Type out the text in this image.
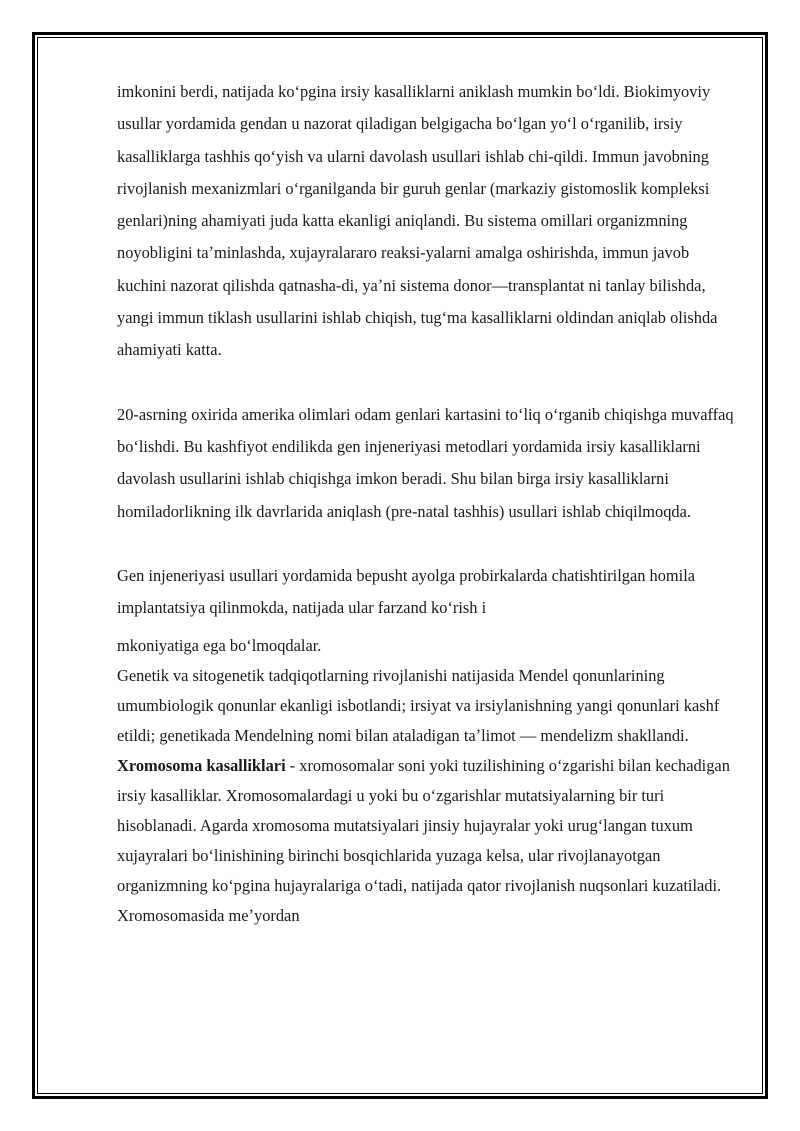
imkonini berdi, natijada koʻpgina irsiy kasalliklarni aniklash mumkin boʻldi. Biokimyoviy usullar yordamida gendan u nazorat qiladigan belgigacha boʻlgan yoʻl oʻrganilib, irsiy kasalliklarga tashhis qoʻyish va ularni davolash usullari ishlab chi-qildi. Immun javobning rivojlanish mexanizmlari oʻrganilganda bir guruh genlar (markaziy gistomoslik kompleksi genlari)ning ahamiyati juda katta ekanligi aniqlandi. Bu sistema omillari organizmning noyobligini taʼminlashda, xujayralararo reaksi-yalarni amalga oshirishda, immun javob kuchini nazorat qilishda qatnasha-di, yaʼni sistema donor—transplantat ni tanlay bilishda, yangi immun tiklash usullarini ishlab chiqish, tugʻma kasalliklarni oldindan aniqlab olishda ahamiyati katta.

20-asrning oxirida amerika olimlari odam genlari kartasini toʻliq oʻrganib chiqishga muvaffaq boʻlishdi. Bu kashfiyot endilikda gen injeneriyasi metodlari yordamida irsiy kasalliklarni davolash usullarini ishlab chiqishga imkon beradi. Shu bilan birga irsiy kasalliklarni homiladorlikning ilk davrlarida aniqlash (pre-natal tashhis) usullari ishlab chiqilmoqda.

Gen injeneriyasi usullari yordamida bepusht ayolga probirkalarda chatishtirilgan homila implantatsiya qilinmokda, natijada ular farzand koʻrish i

mkoniyatiga ega boʻlmoqdalar.

Genetik va sitogenetik tadqiqotlarning rivojlanishi natijasida Mendel qonunlarining umumbiologik qonunlar ekanligi isbotlandi; irsiyat va irsiylanishning yangi qonunlari kashf etildi; genetikada Mendelning nomi bilan ataladigan taʼlimot — mendelizm shakllandi.

Xromosoma kasalliklari - xromosomalar soni yoki tuzilishining oʻzgarishi bilan kechadigan irsiy kasalliklar. Xromosomalardagi u yoki bu oʻzgarishlar mutatsiyalarning bir turi hisoblanadi. Agarda xromosoma mutatsiyalari jinsiy hujayralar yoki urugʻlangan tuxum xujayralari boʻlinishining birinchi bosqichlarida yuzaga kelsa, ular rivojlanayotgan organizmning koʻpgina hujayralariga oʻtadi, natijada qator rivojlanish nuqsonlari kuzatiladi. Xromosomasida meʼyordan
